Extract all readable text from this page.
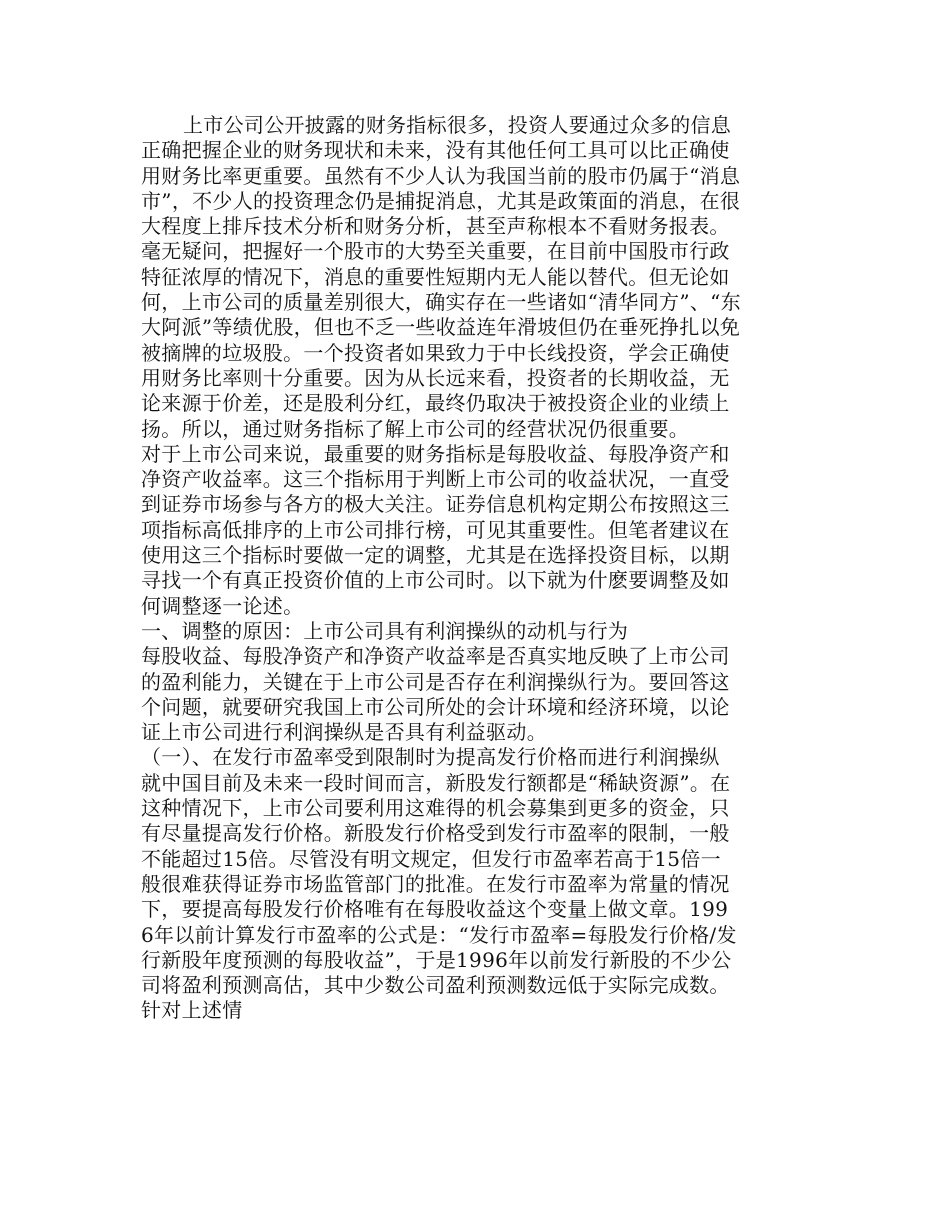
上市公司公开披露的财务指标很多，投资人要通过众多的信息正确把握企业的财务现状和未来，没有其他任何工具可以比正确使用财务比率更重要。虽然有不少人认为我国当前的股市仍属于“消息市”，不少人的投资理念仍是捕捉消息，尤其是政策面的消息，在很大程度上排斥技术分析和财务分析，甚至声称根本不看财务报表。毫无疑问，把握好一个股市的大势至关重要，在目前中国股市行政特征浓厚的情况下，消息的重要性短期内无人能以替代。但无论如何，上市公司的质量差别很大，确实存在一些诸如“清华同方”、“东大阿派”等绩优股，但也不乏一些收益连年滑坡但仍在垂死挣扎以免被摘牌的垃圾股。一个投资者如果致力于中长线投资，学会正确使用财务比率则十分重要。因为从长远来看，投资者的长期收益，无论来源于价差，还是股利分红，最终仍取决于被投资企业的业绩上扬。所以，通过财务指标了解上市公司的经营状况仍很重要。

对于上市公司来说，最重要的财务指标是每股收益、每股净资产和净资产收益率。这三个指标用于判断上市公司的收益状况，一直受到证券市场参与各方的极大关注。证券信息机构定期公布按照这三项指标高低排序的上市公司排行榜，可见其重要性。但笔者建议在使用这三个指标时要做一定的调整，尤其是在选择投资目标，以期寻找一个有真正投资价值的上市公司时。以下就为什麽要调整及如何调整逐一论述。

一、调整的原因：上市公司具有利润操纵的动机与行为

每股收益、每股净资产和净资产收益率是否真实地反映了上市公司的盈利能力，关键在于上市公司是否存在利润操纵行为。要回答这个问题，就要研究我国上市公司所处的会计环境和经济环境，以论证上市公司进行利润操纵是否具有利益驱动。

（一）、在发行市盈率受到限制时为提高发行价格而进行利润操纵

就中国目前及未来一段时间而言，新股发行额都是“稀缺资源”。在这种情况下，上市公司要利用这难得的机会募集到更多的资金，只有尽量提高发行价格。新股发行价格受到发行市盈率的限制，一般不能超过15倍。尽管没有明文规定，但发行市盈率若高于15倍一般很难获得证券市场监管部门的批准。在发行市盈率为常量的情况下，要提高每股发行价格唯有在每股收益这个变量上做文章。1996年以前计算发行市盈率的公式是：“发行市盈率=每股发行价格/发行新股年度预测的每股收益”，于是1996年以前发行新股的不少公司将盈利预测高估，其中少数公司盈利预测数远低于实际完成数。针对上述情
